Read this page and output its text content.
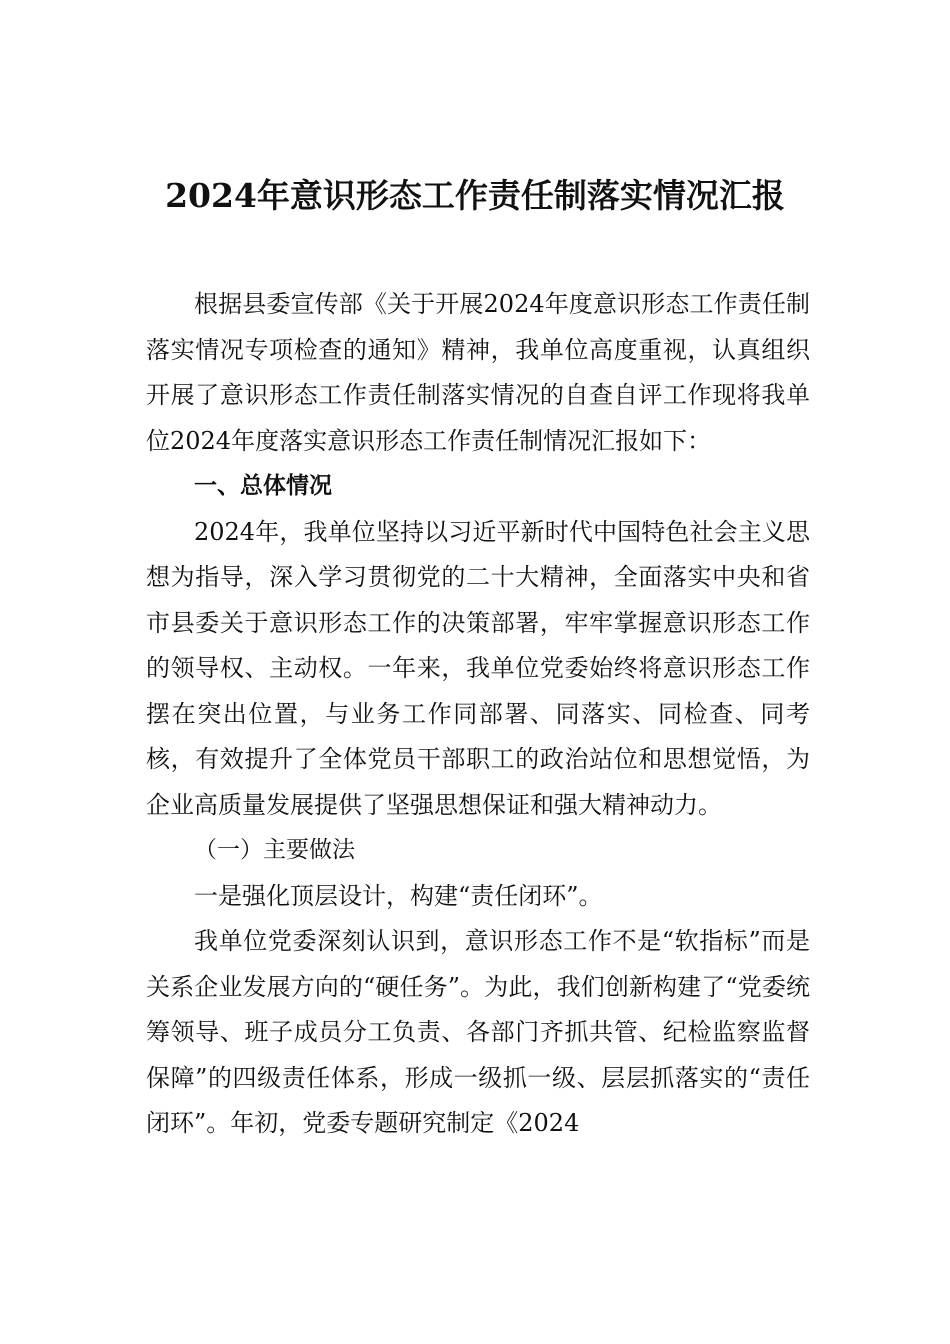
2024年意识形态工作责任制落实情况汇报

根据县委宣传部《关于开展2024年度意识形态工作责任制落实情况专项检查的通知》精神，我单位高度重视，认真组织开展了意识形态工作责任制落实情况的自查自评工作现将我单位2024年度落实意识形态工作责任制情况汇报如下：

一、总体情况

2024年，我单位坚持以习近平新时代中国特色社会主义思想为指导，深入学习贯彻党的二十大精神，全面落实中央和省市县委关于意识形态工作的决策部署，牢牢掌握意识形态工作的领导权、主动权。一年来，我单位党委始终将意识形态工作摆在突出位置，与业务工作同部署、同落实、同检查、同考核，有效提升了全体党员干部职工的政治站位和思想觉悟，为企业高质量发展提供了坚强思想保证和强大精神动力。

（一）主要做法

一是强化顶层设计，构建“责任闭环”。

我单位党委深刻认识到，意识形态工作不是“软指标”而是关系企业发展方向的“硬任务”。为此，我们创新构建了“党委统筹领导、班子成员分工负责、各部门齐抓共管、纪检监察监督保障”的四级责任体系，形成一级抓一级、层层抓落实的“责任闭环”。年初，党委专题研究制定《2024
